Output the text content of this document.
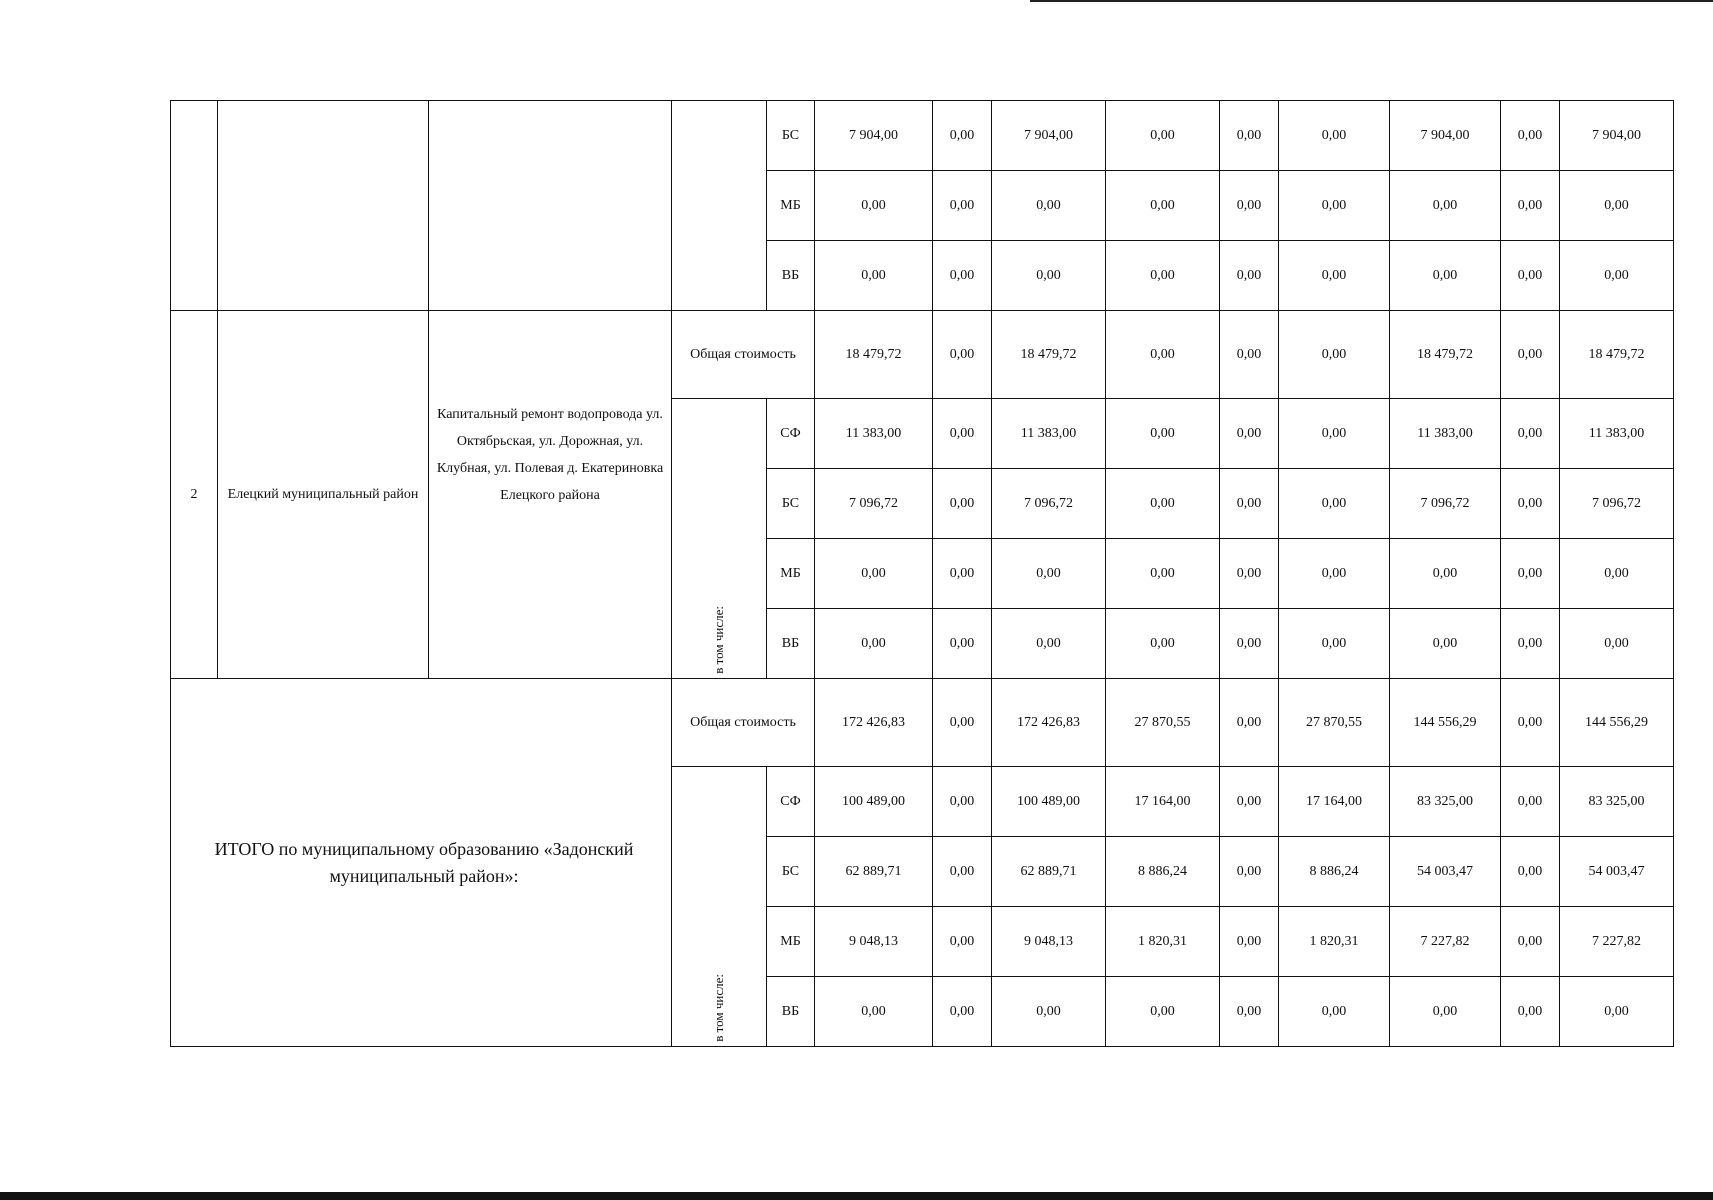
				БС	7 904,00	0,00	7 904,00	0,00	0,00	0,00	7 904,00	0,00	7 904,00
				МБ	0,00	0,00	0,00	0,00	0,00	0,00	0,00	0,00	0,00
				ВБ	0,00	0,00	0,00	0,00	0,00	0,00	0,00	0,00	0,00
2	Елецкий муниципальный район	Капитальный ремонт водопровода ул. Октябрьская, ул. Дорожная, ул. Клубная, ул. Полевая д. Екатериновка Елецкого района	Общая стоимость		18 479,72	0,00	18 479,72	0,00	0,00	0,00	18 479,72	0,00	18 479,72

			в том числе:	СФ	11 383,00	0,00	11 383,00	0,00	0,00	0,00	11 383,00	0,00	11 383,00
				БС	7 096,72	0,00	7 096,72	0,00	0,00	0,00	7 096,72	0,00	7 096,72
				МБ	0,00	0,00	0,00	0,00	0,00	0,00	0,00	0,00	0,00
				ВБ	0,00	0,00	0,00	0,00	0,00	0,00	0,00	0,00	0,00
ИТОГО по муниципальному образованию «Задонский муниципальный район»:			Общая стоимость		172 426,83	0,00	172 426,83	27 870,55	0,00	27 870,55	144 556,29	0,00	144 556,29

			в том числе:	СФ	100 489,00	0,00	100 489,00	17 164,00	0,00	17 164,00	83 325,00	0,00	83 325,00
				БС	62 889,71	0,00	62 889,71	8 886,24	0,00	8 886,24	54 003,47	0,00	54 003,47
				МБ	9 048,13	0,00	9 048,13	1 820,31	0,00	1 820,31	7 227,82	0,00	7 227,82
				ВБ	0,00	0,00	0,00	0,00	0,00	0,00	0,00	0,00	0,00
